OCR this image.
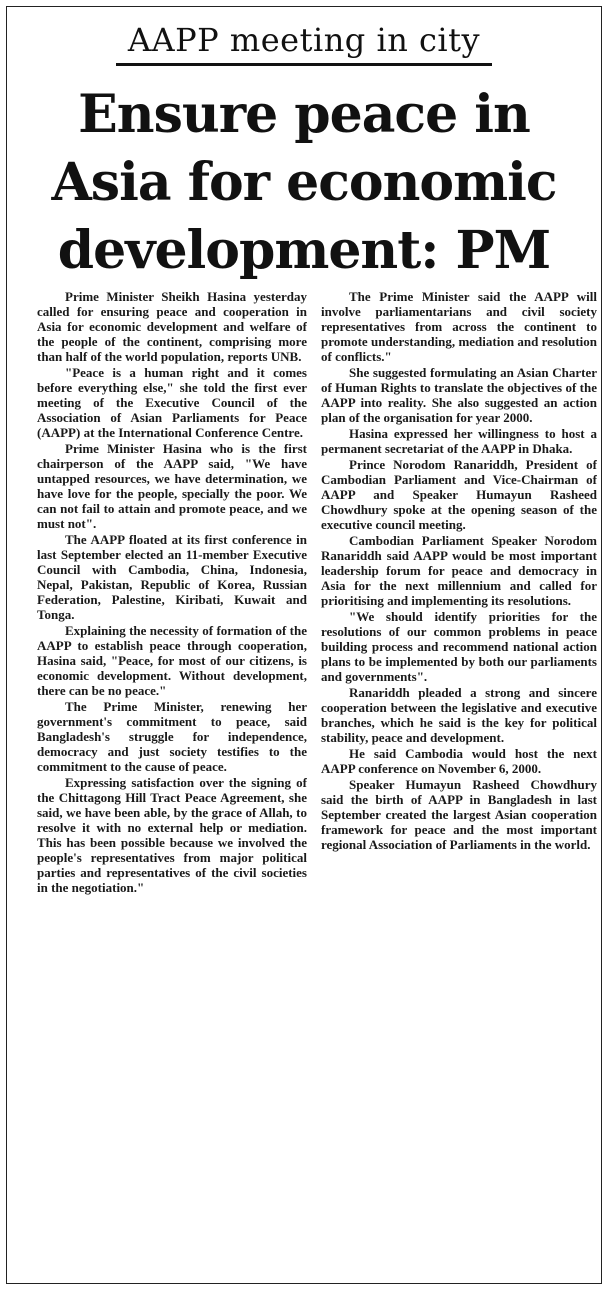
AAPP meeting in city
Ensure peace in Asia for economic development: PM

Prime Minister Sheikh Hasina yesterday called for ensuring peace and cooperation in Asia for economic development and welfare of the people of the continent, comprising more than half of the world population, reports UNB.

"Peace is a human right and it comes before everything else," she told the first ever meeting of the Executive Council of the Association of Asian Parliaments for Peace (AAPP) at the International Conference Centre.

Prime Minister Hasina who is the first chairperson of the AAPP said, "We have untapped resources, we have determination, we have love for the people, specially the poor. We can not fail to attain and promote peace, and we must not".

The AAPP floated at its first conference in last September elected an 11-member Executive Council with Cambodia, China, Indonesia, Nepal, Pakistan, Republic of Korea, Russian Federation, Palestine, Kiribati, Kuwait and Tonga.

Explaining the necessity of formation of the AAPP to establish peace through cooperation, Hasina said, "Peace, for most of our citizens, is economic development. Without development, there can be no peace."

The Prime Minister, renewing her government's commitment to peace, said Bangladesh's struggle for independence, democracy and just society testifies to the commitment to the cause of peace.

Expressing satisfaction over the signing of the Chittagong Hill Tract Peace Agreement, she said, we have been able, by the grace of Allah, to resolve it with no external help or mediation. This has been possible because we involved the people's representatives from major political parties and representatives of the civil societies in the negotiation."

The Prime Minister said the AAPP will involve parliamentarians and civil society representatives from across the continent to promote understanding, mediation and resolution of conflicts."

She suggested formulating an Asian Charter of Human Rights to translate the objectives of the AAPP into reality. She also suggested an action plan of the organisation for year 2000.

Hasina expressed her willingness to host a permanent secretariat of the AAPP in Dhaka.

Prince Norodom Ranariddh, President of Cambodian Parliament and Vice-Chairman of AAPP and Speaker Humayun Rasheed Chowdhury spoke at the opening season of the executive council meeting.

Cambodian Parliament Speaker Norodom Ranariddh said AAPP would be most important leadership forum for peace and democracy in Asia for the next millennium and called for prioritising and implementing its resolutions.

"We should identify priorities for the resolutions of our common problems in peace building process and recommend national action plans to be implemented by both our parliaments and governments".

Ranariddh pleaded a strong and sincere cooperation between the legislative and executive branches, which he said is the key for political stability, peace and development.

He said Cambodia would host the next AAPP conference on November 6, 2000.

Speaker Humayun Rasheed Chowdhury said the birth of AAPP in Bangladesh in last September created the largest Asian cooperation framework for peace and the most important regional Association of Parliaments in the world.
